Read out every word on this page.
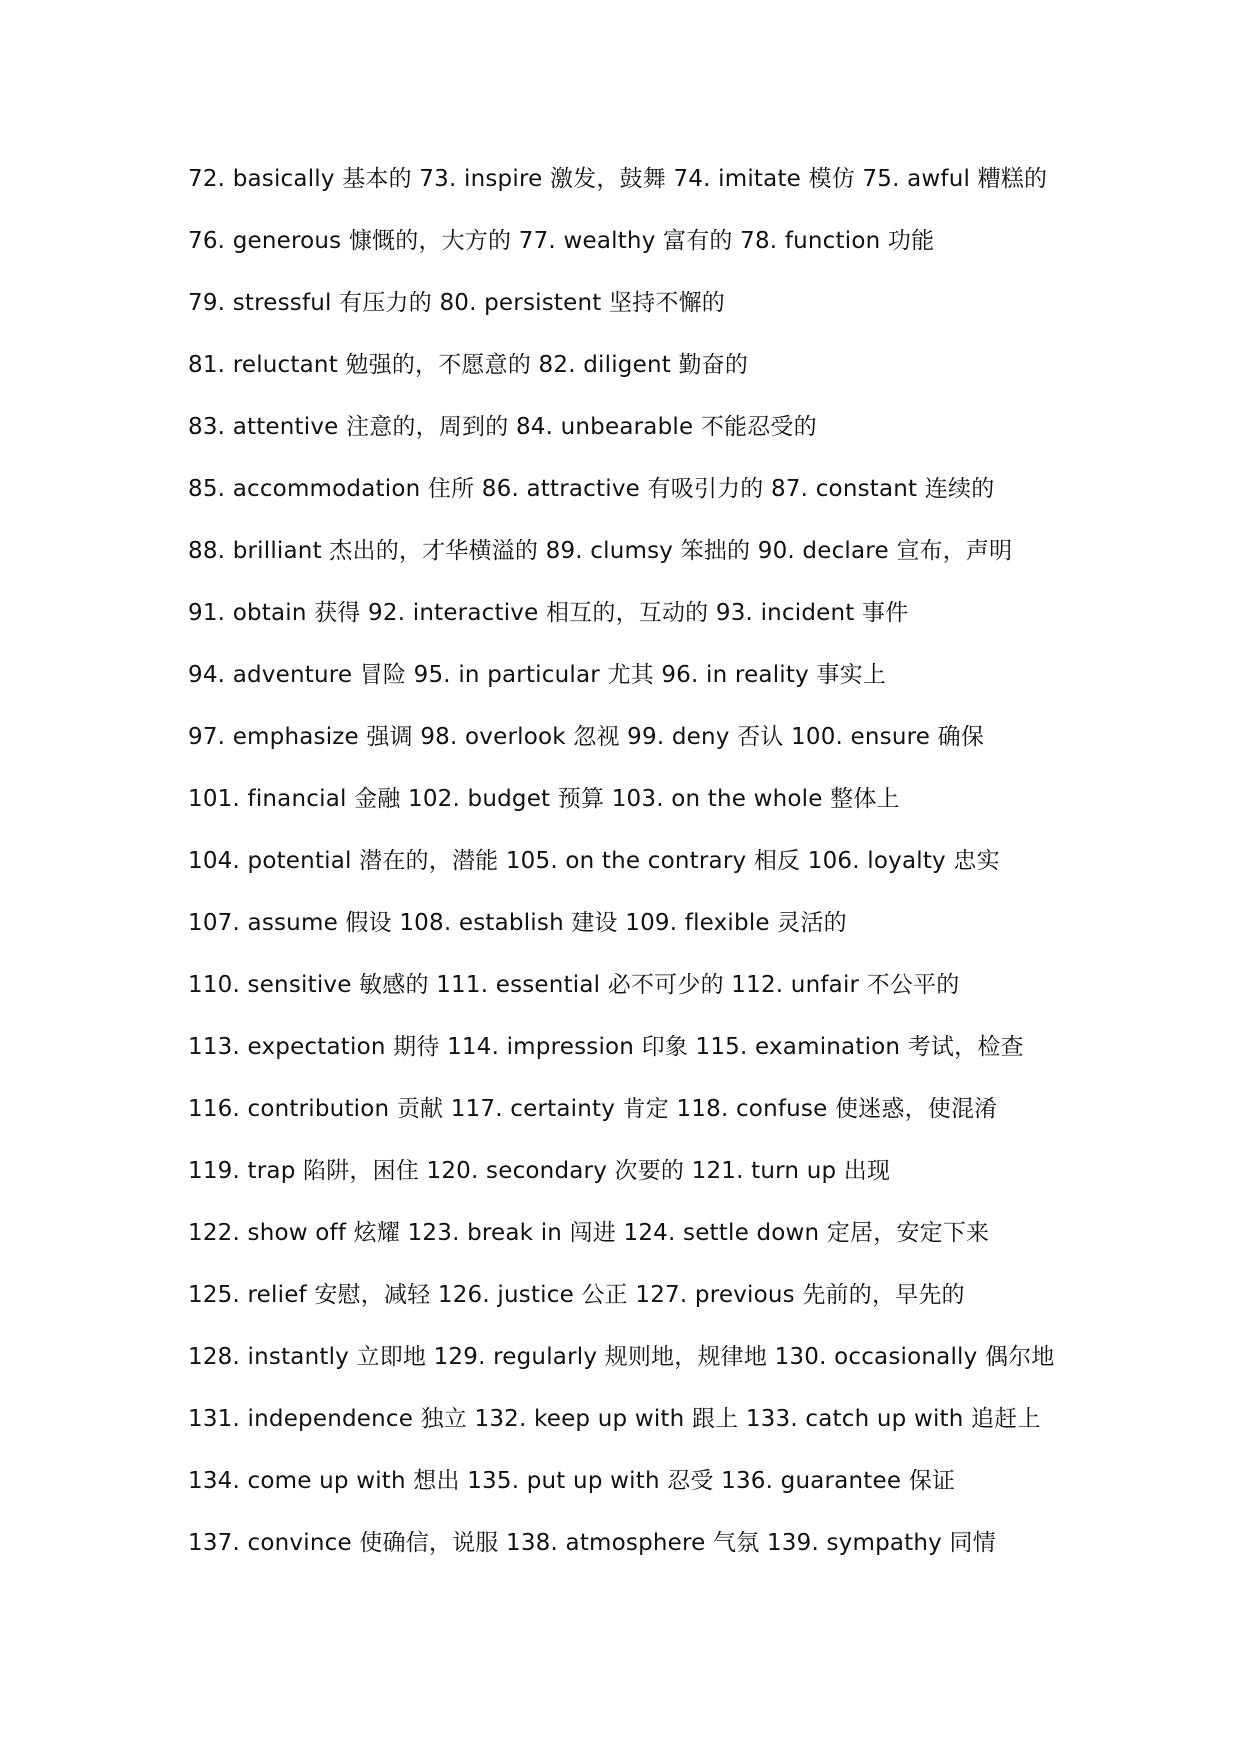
72. basically 基本的 73. inspire 激发，鼓舞 74. imitate 模仿 75. awful 糟糕的
76. generous 慷慨的，大方的 77. wealthy 富有的 78. function 功能
79. stressful 有压力的 80. persistent 坚持不懈的
81. reluctant 勉强的，不愿意的 82. diligent 勤奋的
83. attentive 注意的，周到的 84. unbearable 不能忍受的
85. accommodation 住所 86. attractive 有吸引力的 87. constant 连续的
88. brilliant 杰出的，才华横溢的 89. clumsy 笨拙的 90. declare 宣布，声明
91. obtain 获得 92. interactive 相互的，互动的 93. incident 事件
94. adventure 冒险 95. in particular 尤其 96. in reality 事实上
97. emphasize 强调 98. overlook 忽视 99. deny 否认 100. ensure 确保
101. financial 金融 102. budget 预算 103. on the whole 整体上
104. potential 潜在的，潜能 105. on the contrary 相反 106. loyalty 忠实
107. assume 假设 108. establish 建设 109. flexible 灵活的
110. sensitive 敏感的 111. essential 必不可少的 112. unfair 不公平的
113. expectation 期待 114. impression 印象 115. examination 考试，检查
116. contribution 贡献 117. certainty 肯定 118. confuse 使迷惑，使混淆
119. trap 陷阱，困住 120. secondary 次要的 121. turn up 出现
122. show off 炫耀 123. break in 闯进 124. settle down 定居，安定下来
125. relief 安慰，减轻 126. justice 公正 127. previous 先前的，早先的
128. instantly 立即地 129. regularly 规则地，规律地 130. occasionally 偶尔地
131. independence 独立 132. keep up with 跟上 133. catch up with 追赶上
134. come up with 想出 135. put up with 忍受 136. guarantee 保证
137. convince 使确信，说服 138. atmosphere 气氛 139. sympathy 同情
